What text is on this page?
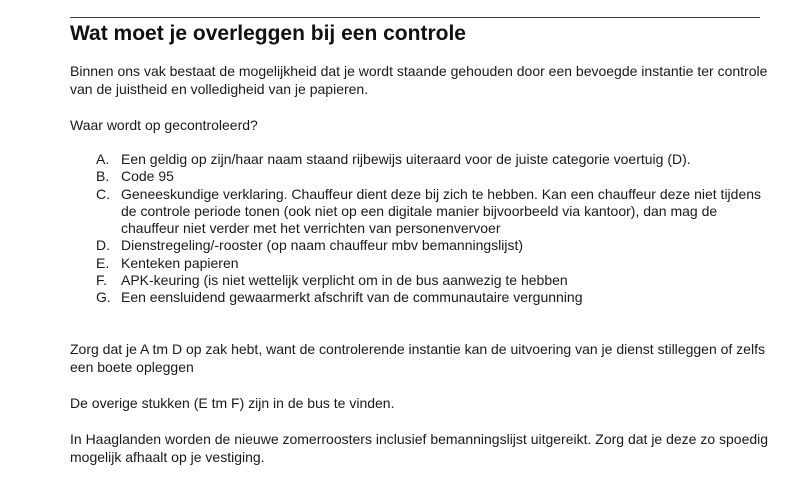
Wat moet je overleggen bij een controle

Binnen ons vak bestaat de mogelijkheid dat je wordt staande gehouden door een bevoegde instantie ter controle van de juistheid en volledigheid van je papieren.

Waar wordt op gecontroleerd?

A. Een geldig op zijn/haar naam staand rijbewijs uiteraard voor de juiste categorie voertuig (D).
B. Code 95
C. Geneeskundige verklaring. Chauffeur dient deze bij zich te hebben. Kan een chauffeur deze niet tijdens de controle periode tonen (ook niet op een digitale manier bijvoorbeeld via kantoor), dan mag de chauffeur niet verder met het verrichten van personenvervoer
D. Dienstregeling/-rooster (op naam chauffeur mbv bemanningslijst)
E. Kenteken papieren
F. APK-keuring (is niet wettelijk verplicht om in de bus aanwezig te hebben
G. Een eensluidend gewaarmerkt afschrift van de communautaire vergunning

Zorg dat je A tm D op zak hebt, want de controlerende instantie kan de uitvoering van je dienst stilleggen of zelfs een boete opleggen

De overige stukken (E tm F) zijn in de bus te vinden.

In Haaglanden worden de nieuwe zomerroosters inclusief bemanningslijst uitgereikt. Zorg dat je deze zo spoedig mogelijk afhaalt op je vestiging.
